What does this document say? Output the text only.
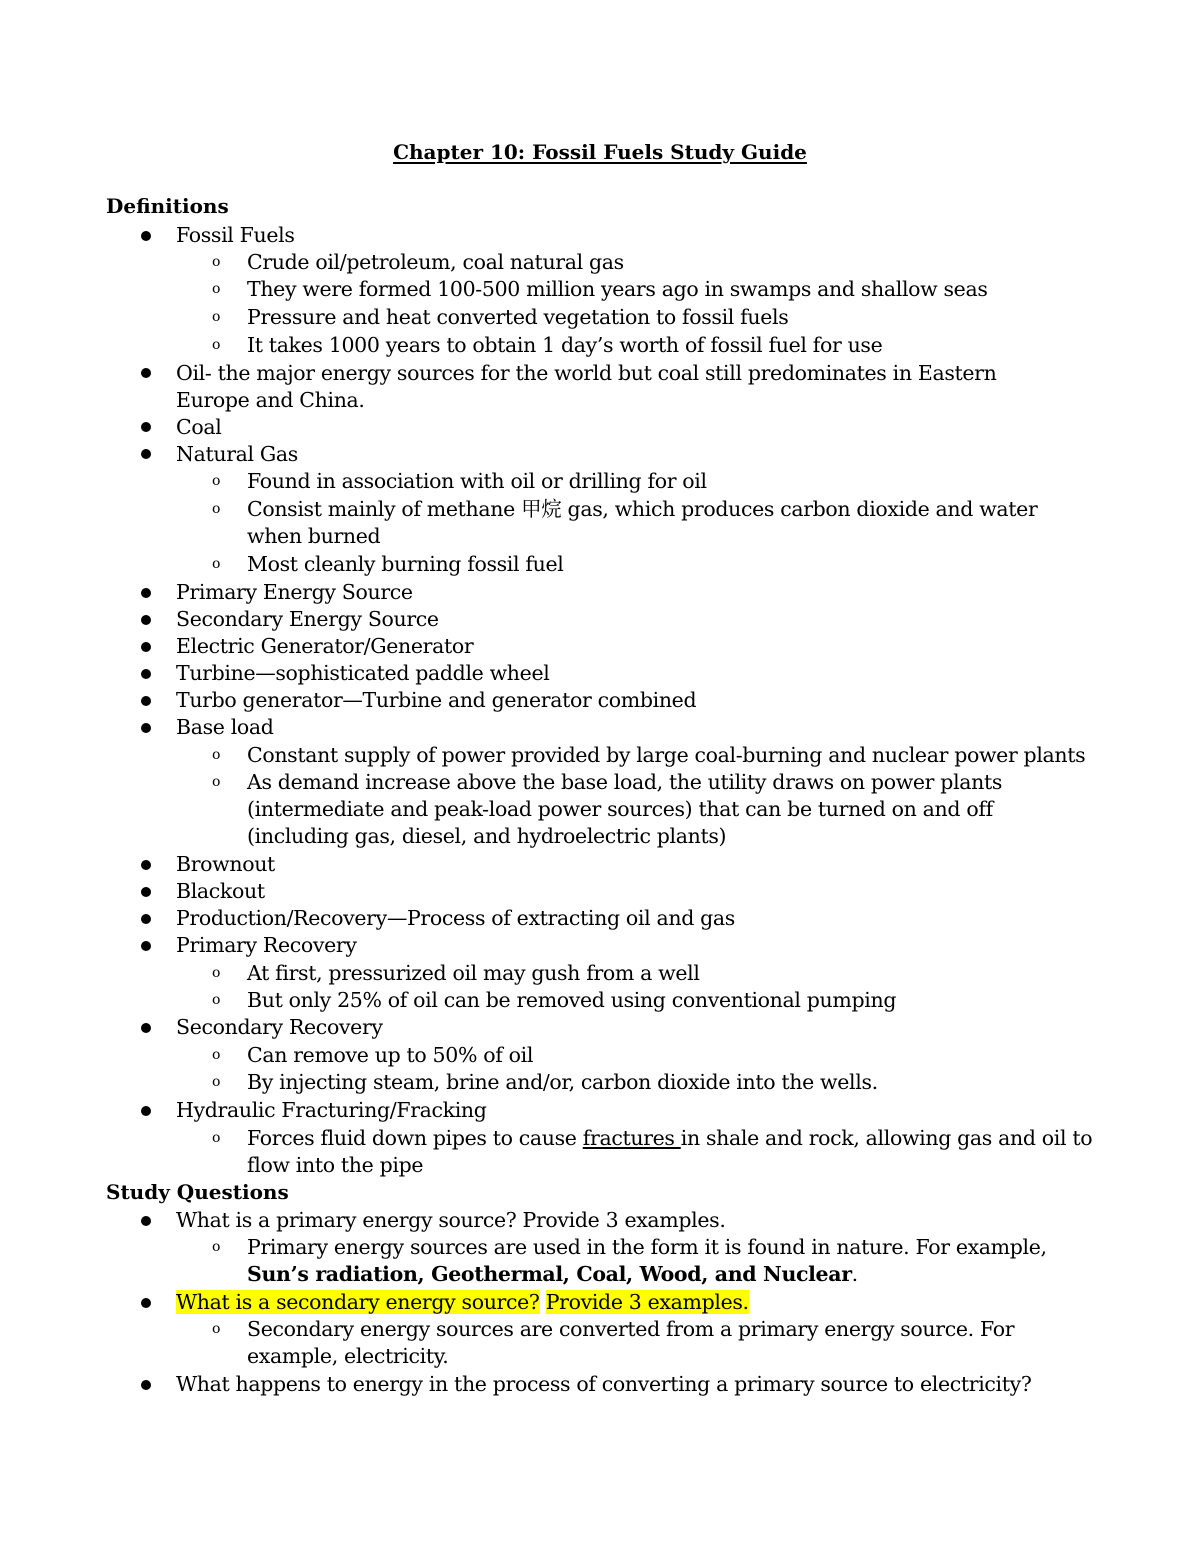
Chapter 10: Fossil Fuels Study Guide
Definitions
Fossil Fuels
o Crude oil/petroleum, coal natural gas
o They were formed 100-500 million years ago in swamps and shallow seas
o Pressure and heat converted vegetation to fossil fuels
o It takes 1000 years to obtain 1 day’s worth of fossil fuel for use
Oil- the major energy sources for the world but coal still predominates in Eastern Europe and China.
Coal
Natural Gas
o Found in association with oil or drilling for oil
o Consist mainly of methane 甲烷 gas, which produces carbon dioxide and water when burned
o Most cleanly burning fossil fuel
Primary Energy Source
Secondary Energy Source
Electric Generator/Generator
Turbine—sophisticated paddle wheel
Turbo generator—Turbine and generator combined
Base load
o Constant supply of power provided by large coal-burning and nuclear power plants
o As demand increase above the base load, the utility draws on power plants (intermediate and peak-load power sources) that can be turned on and off (including gas, diesel, and hydroelectric plants)
Brownout
Blackout
Production/Recovery—Process of extracting oil and gas
Primary Recovery
o At first, pressurized oil may gush from a well
o But only 25% of oil can be removed using conventional pumping
Secondary Recovery
o Can remove up to 50% of oil
o By injecting steam, brine and/or, carbon dioxide into the wells.
Hydraulic Fracturing/Fracking
o Forces fluid down pipes to cause fractures in shale and rock, allowing gas and oil to flow into the pipe
Study Questions
What is a primary energy source? Provide 3 examples.
o Primary energy sources are used in the form it is found in nature. For example, Sun’s radiation, Geothermal, Coal, Wood, and Nuclear.
What is a secondary energy source? Provide 3 examples.
o Secondary energy sources are converted from a primary energy source. For example, electricity.
What happens to energy in the process of converting a primary source to electricity?
